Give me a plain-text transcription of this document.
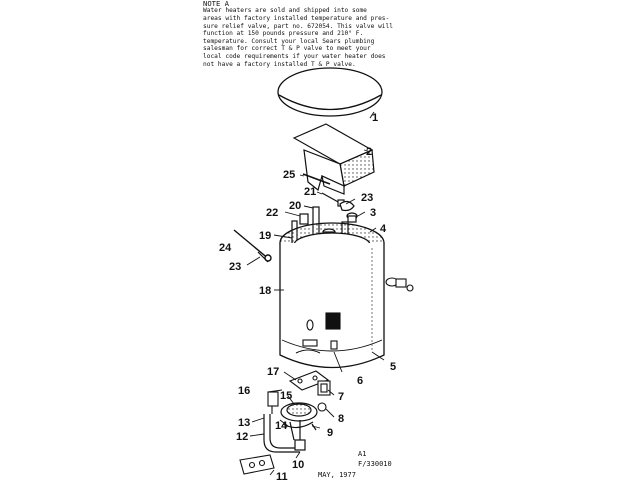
NOTE A
Water heaters are sold and shipped into some
areas with factory installed temperature and pres-
sure relief valve, part no. 672054. This valve will
function at 150 pounds pressure and 210° F.
temperature. Consult your local Sears plumbing
salesman for correct T & P valve to meet your
local code requirements if your water heater does
not have a factory installed T & P valve.
1
2
25
21	23
20
3
22
4
19
24
23
18
5
17
6
16	15	7
8
13 14
9
12
10
11
A1
F/330010
MAY, 1977
